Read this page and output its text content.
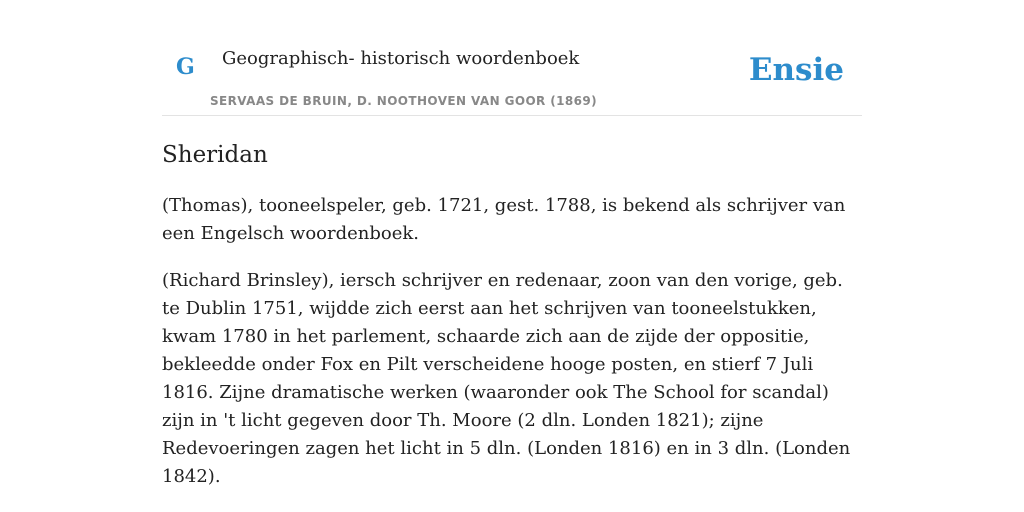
G Geographisch- historisch woordenboek
SERVAAS DE BRUIN, D. NOOTHOVEN VAN GOOR (1869)
Ensie
Sheridan

(Thomas), tooneelspeler, geb. 1721, gest. 1788, is bekend als schrijver van een Engelsch woordenboek.

(Richard Brinsley), iersch schrijver en redenaar, zoon van den vorige, geb. te Dublin 1751, wijdde zich eerst aan het schrijven van tooneelstukken, kwam 1780 in het parlement, schaarde zich aan de zijde der oppositie, bekleedde onder Fox en Pilt verscheidene hooge posten, en stierf 7 Juli 1816. Zijne dramatische werken (waaronder ook The School for scandal) zijn in 't licht gegeven door Th. Moore (2 dln. Londen 1821); zijne Redevoeringen zagen het licht in 5 dln. (Londen 1816) en in 3 dln. (Londen 1842).
